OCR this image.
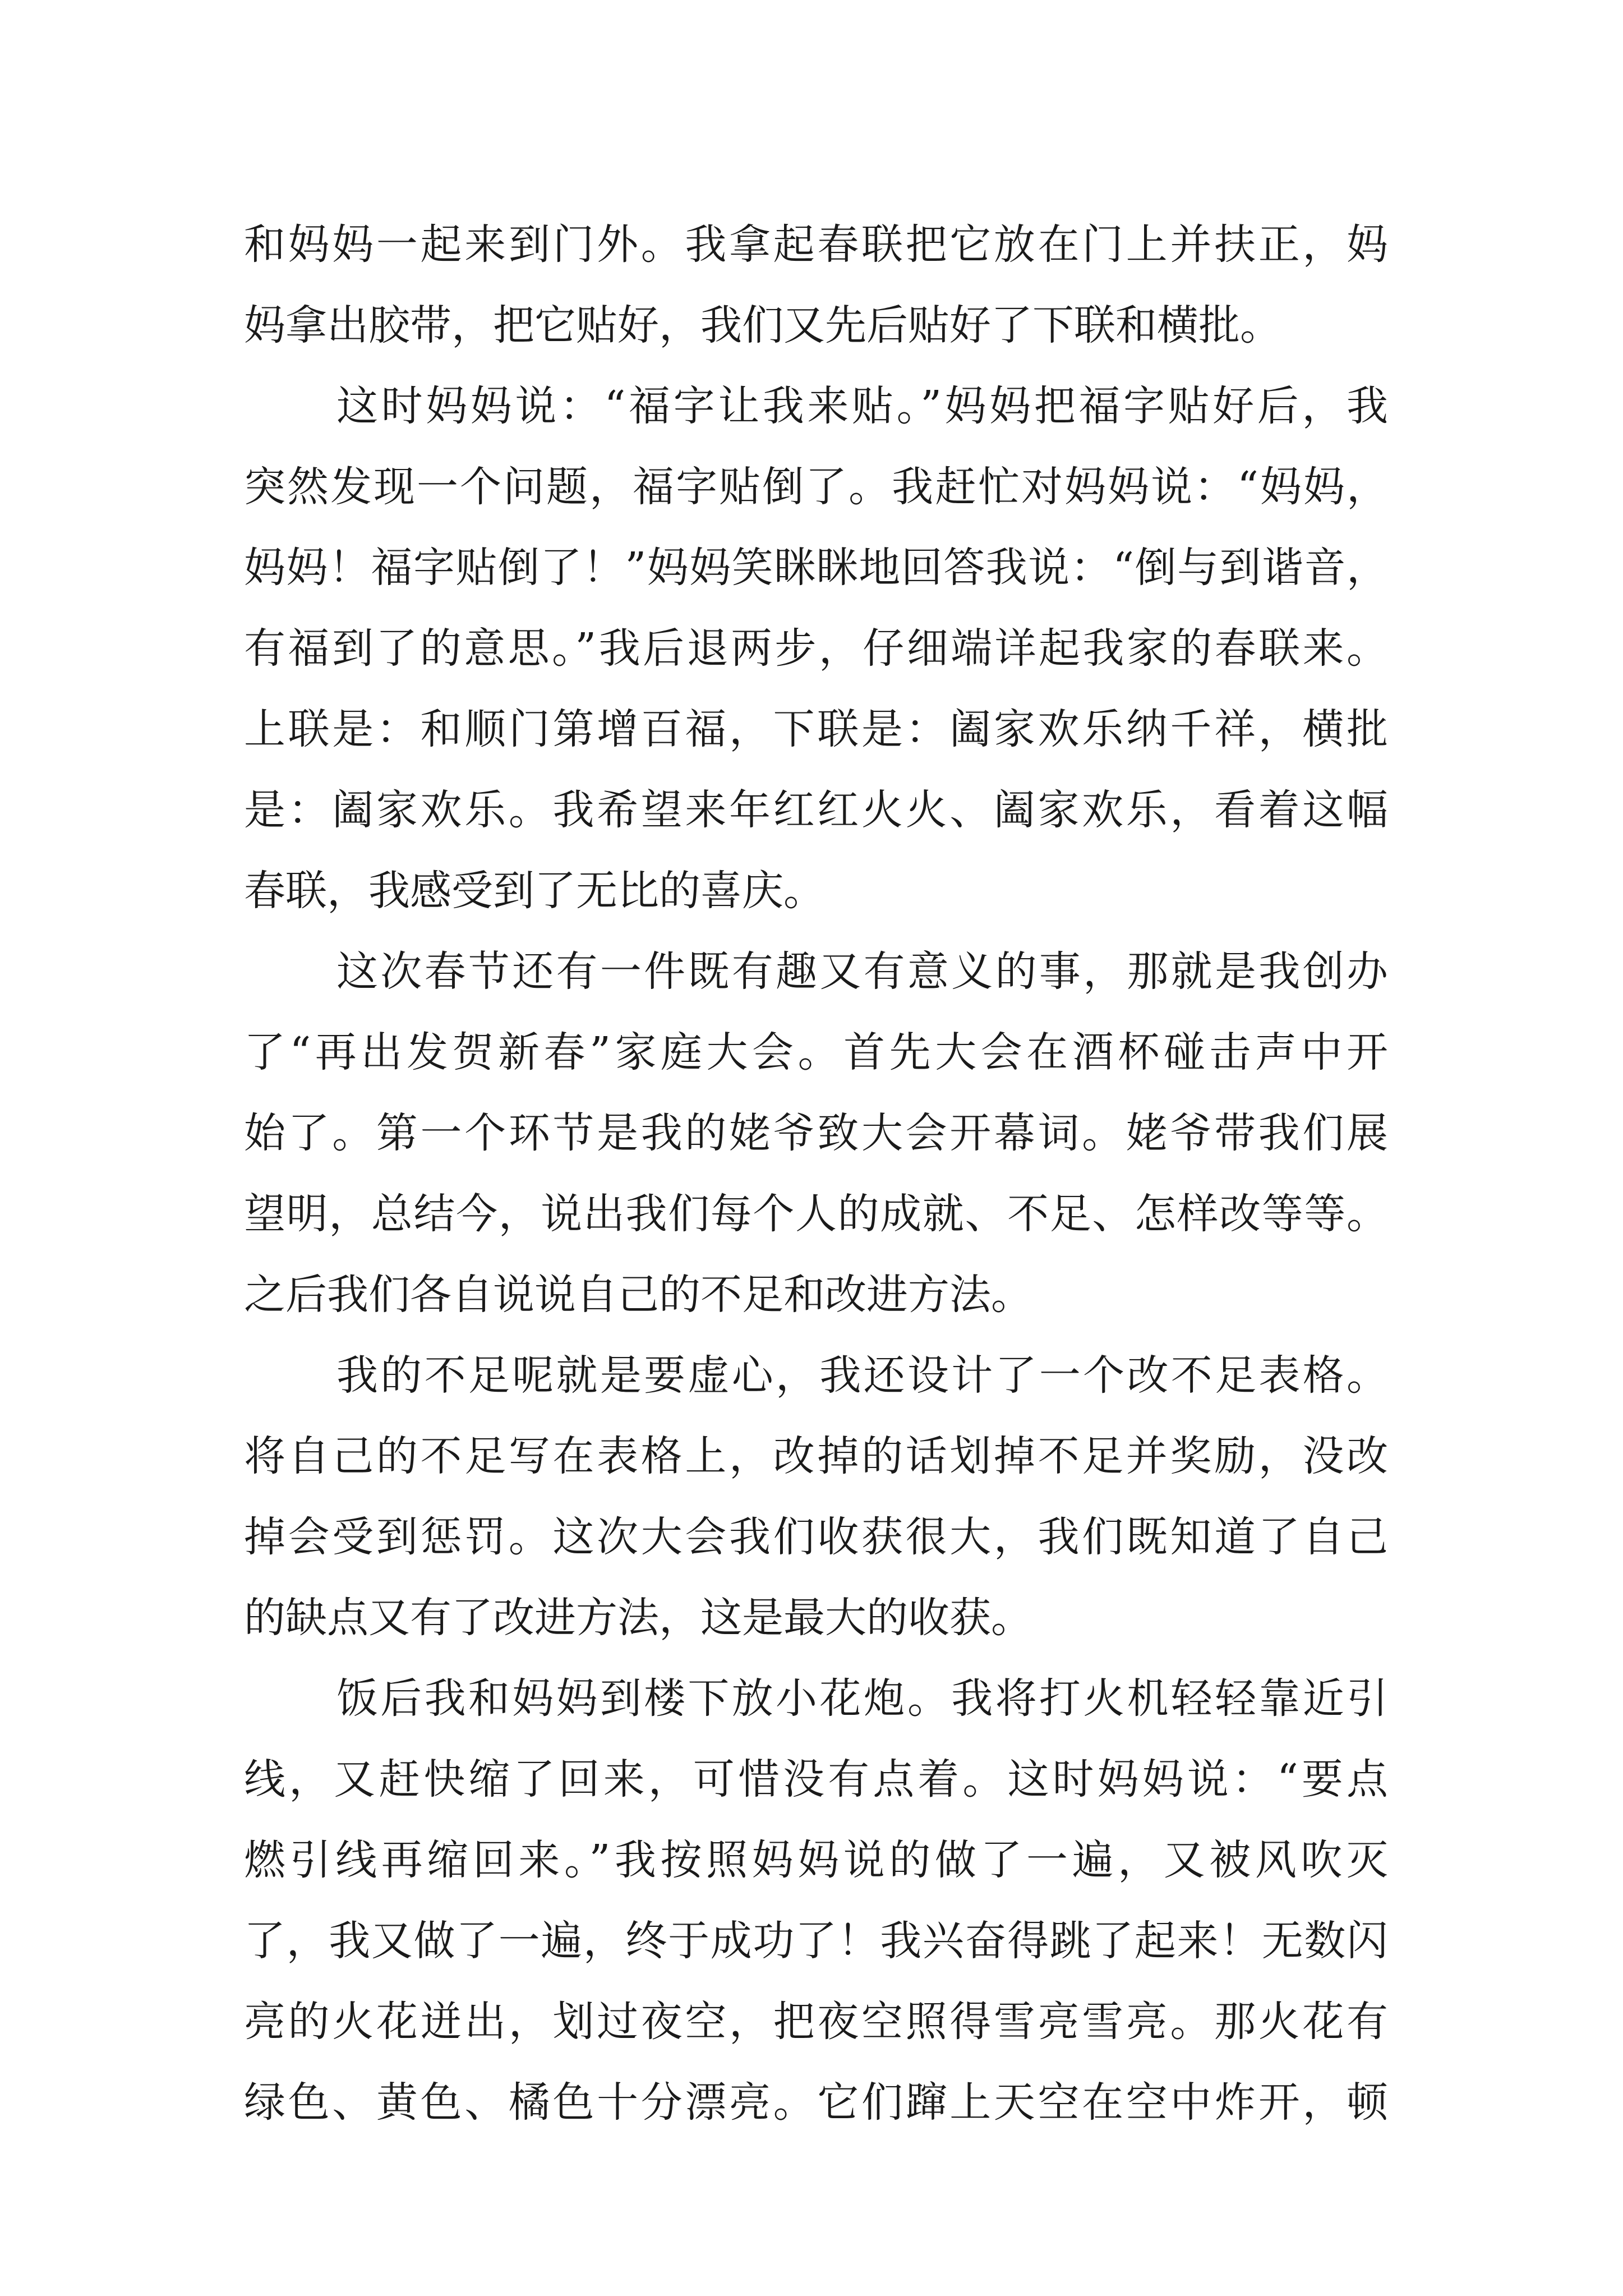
和妈妈一起来到门外。我拿起春联把它放在门上并扶正，妈
妈拿出胶带，把它贴好，我们又先后贴好了下联和横批。
这时妈妈说：“福字让我来贴。”妈妈把福字贴好后，我
突然发现一个问题，福字贴倒了。我赶忙对妈妈说：“妈妈，
妈妈！福字贴倒了！”妈妈笑眯眯地回答我说：“倒与到谐音，
有福到了的意思。”我后退两步，仔细端详起我家的春联来。
上联是：和顺门第增百福，下联是：阖家欢乐纳千祥，横批
是：阖家欢乐。我希望来年红红火火、阖家欢乐，看着这幅
春联，我感受到了无比的喜庆。
这次春节还有一件既有趣又有意义的事，那就是我创办
了“再出发贺新春”家庭大会。首先大会在酒杯碰击声中开
始了。第一个环节是我的姥爷致大会开幕词。姥爷带我们展
望明，总结今，说出我们每个人的成就、不足、怎样改等等。
之后我们各自说说自己的不足和改进方法。
我的不足呢就是要虚心，我还设计了一个改不足表格。
将自己的不足写在表格上，改掉的话划掉不足并奖励，没改
掉会受到惩罚。这次大会我们收获很大，我们既知道了自己
的缺点又有了改进方法，这是最大的收获。
饭后我和妈妈到楼下放小花炮。我将打火机轻轻靠近引
线，又赶快缩了回来，可惜没有点着。这时妈妈说：“要点
燃引线再缩回来。”我按照妈妈说的做了一遍，又被风吹灭
了，我又做了一遍，终于成功了！我兴奋得跳了起来！无数闪
亮的火花迸出，划过夜空，把夜空照得雪亮雪亮。那火花有
绿色、黄色、橘色十分漂亮。它们蹿上天空在空中炸开，顿
